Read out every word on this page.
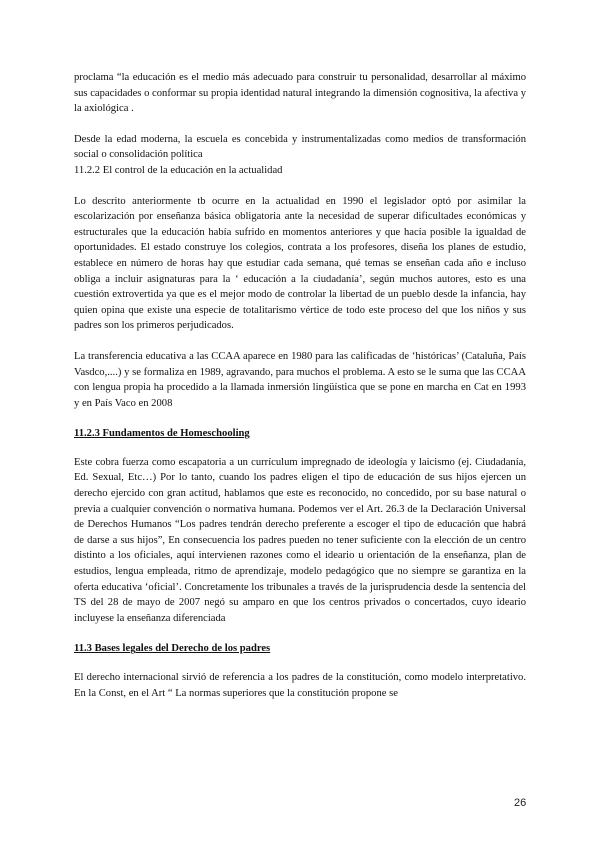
proclama “la educación es el medio más adecuado para construir tu personalidad, desarrollar al máximo sus capacidades o conformar su propia identidad natural integrando la dimensión cognositiva, la afectiva y la axiológica .

Desde la edad moderna, la escuela es concebida y instrumentalizadas como medios de transformación social o consolidación política

11.2.2 El control de la educación en la actualidad

Lo descrito anteriormente tb ocurre en la actualidad en 1990 el legislador optó por asimilar la escolarización por enseñanza básica obligatoria ante la necesidad de superar dificultades económicas y estructurales que la educación había sufrido en momentos anteriores y que hacía posible la igualdad de oportunidades. El estado construye los colegios, contrata a los profesores, diseña los planes de estudio, establece en número de horas hay que estudiar cada semana, qué temas se enseñan cada año e incluso obliga a incluir asignaturas para la ‘ educación a la ciudadanía’, según muchos autores, esto es una cuestión extrovertida ya que es el mejor modo de controlar la libertad de un pueblo desde la infancia, hay quien opina que existe una especie de totalitarismo vértice de todo este proceso del que los niños y sus padres son los primeros perjudicados.

La transferencia educativa a las CCAA aparece en 1980 para las calificadas de ‘históricas’ (Cataluña, País Vasdco,....) y se formaliza en 1989, agravando, para muchos el problema. A esto se le suma que las CCAA con lengua propia ha procedido a la llamada inmersión lingüística que se pone en marcha en Cat en 1993 y en País Vaco en 2008

11.2.3 Fundamentos de Homeschooling

Este cobra fuerza como escapatoria a un currículum impregnado de ideología y laicismo (ej. Ciudadanía, Ed. Sexual, Etc…) Por lo tanto, cuando los padres eligen el tipo de educación de sus hijos ejercen un derecho ejercido con gran actitud, hablamos que este es reconocido, no concedido, por su base natural o previa a cualquier convención o normativa humana. Podemos ver el Art. 26.3 de la Declaración Universal de Derechos Humanos “Los padres tendrán derecho preferente a escoger el tipo de educación que habrá de darse a sus hijos”, En consecuencia los padres pueden no tener suficiente con la elección de un centro distinto a los oficiales, aquí intervienen razones como el ideario u orientación de la enseñanza, plan de estudios, lengua empleada, ritmo de aprendizaje, modelo pedagógico que no siempre se garantiza en la oferta educativa ‘oficial’. Concretamente los tribunales a través de la jurisprudencia desde la sentencia del TS del 28 de mayo de 2007 negó su amparo en que los centros privados o concertados, cuyo ideario incluyese la enseñanza diferenciada

11.3 Bases legales del Derecho de los padres

El derecho internacional sirvió de referencia a los padres de la constitución, como modelo interpretativo. En la Const, en el Art “ La normas superiores que la constitución propone se

26
